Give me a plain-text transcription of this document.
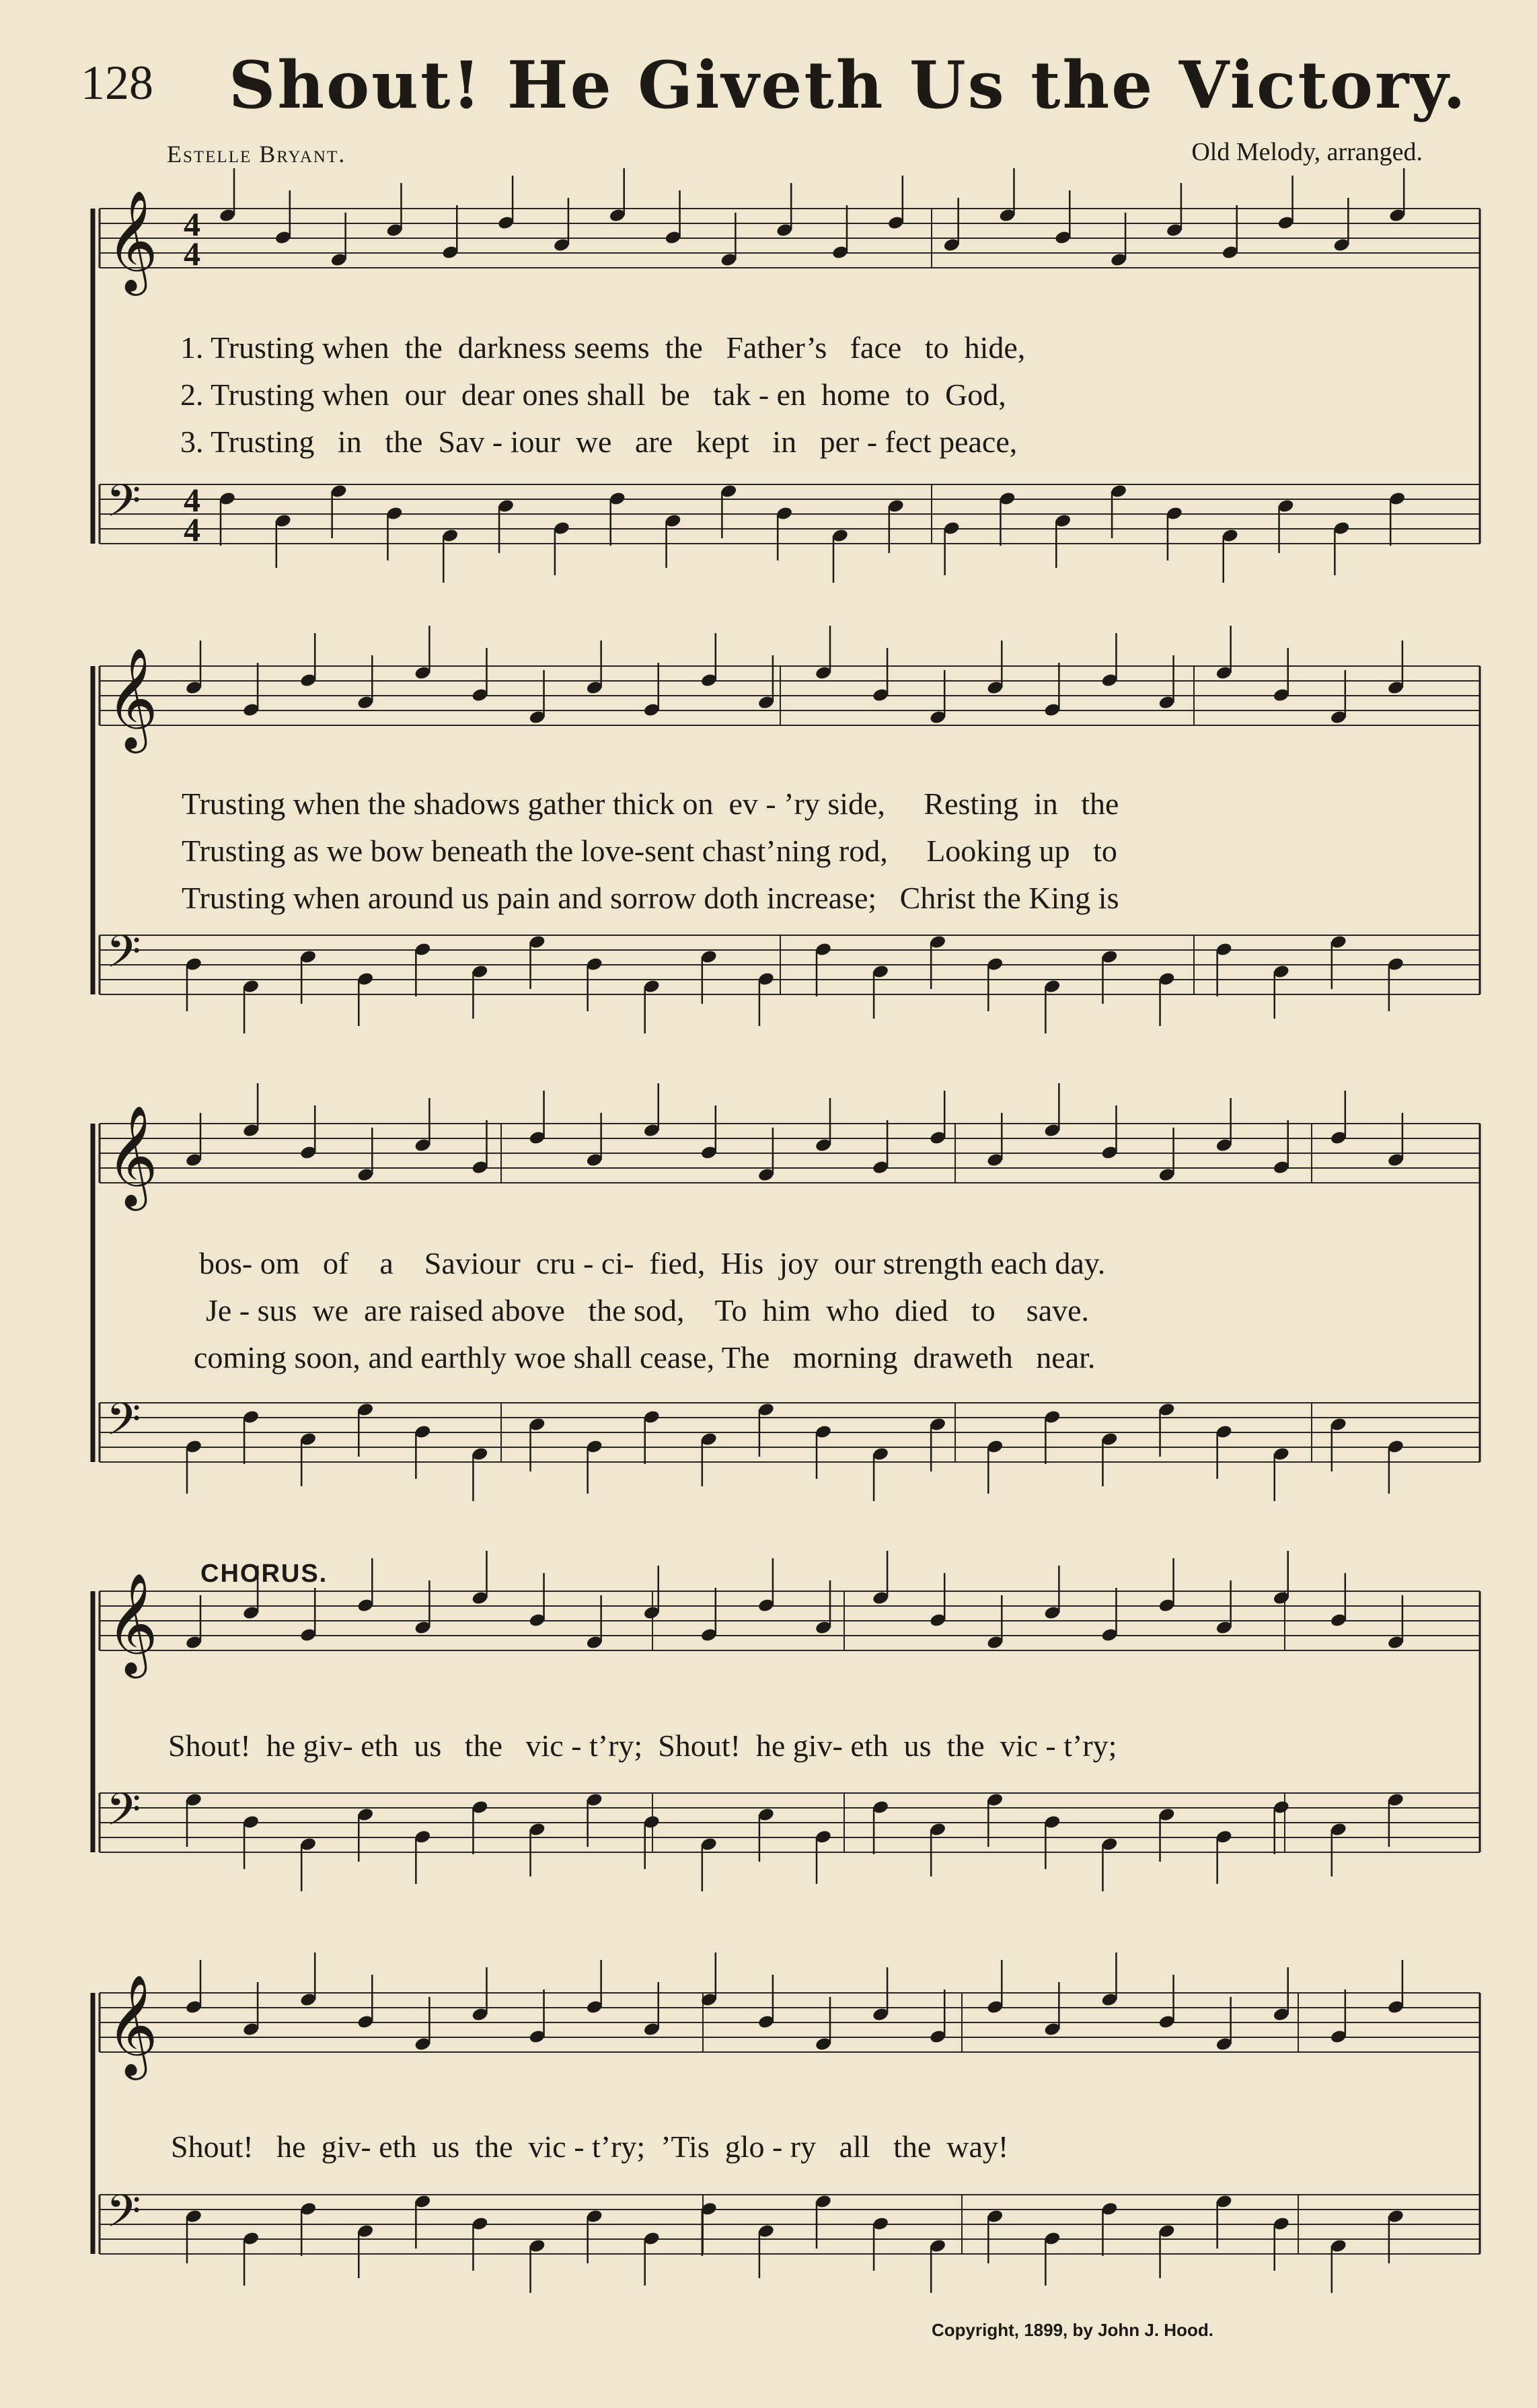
128 Shout! He Giveth Us the Victory.
Estelle Bryant.	Old Melody, arranged.
𝄞 4
4
𝄢 4
4
𝄞
𝄢
𝄞
𝄢
𝄞
𝄢
𝄞
𝄢
1. Trusting when  the  darkness seems  the   Father’s   face   to  hide,
2. Trusting when  our  dear ones shall  be   tak - en  home  to  God,
3. Trusting   in   the  Sav - iour  we   are   kept   in   per - fect peace,
Trusting when the shadows gather thick on  ev - ’ry side,     Resting  in   the
Trusting as we bow beneath the love-sent chast’ning rod,     Looking up   to
Trusting when around us pain and sorrow doth increase;   Christ the King is
bos- om   of    a    Saviour  cru - ci-  fied,  His  joy  our strength each day.
Je - sus  we  are raised above   the sod,    To  him  who  died   to    save.
coming soon, and earthly woe shall cease, The   morning  draweth   near.
CHORUS.
Shout!  he giv- eth  us   the   vic - t’ry;  Shout!  he giv- eth  us  the  vic - t’ry;
Shout!   he  giv- eth  us  the  vic - t’ry;  ’Tis  glo - ry   all   the  way!
Copyright, 1899, by John J. Hood.
